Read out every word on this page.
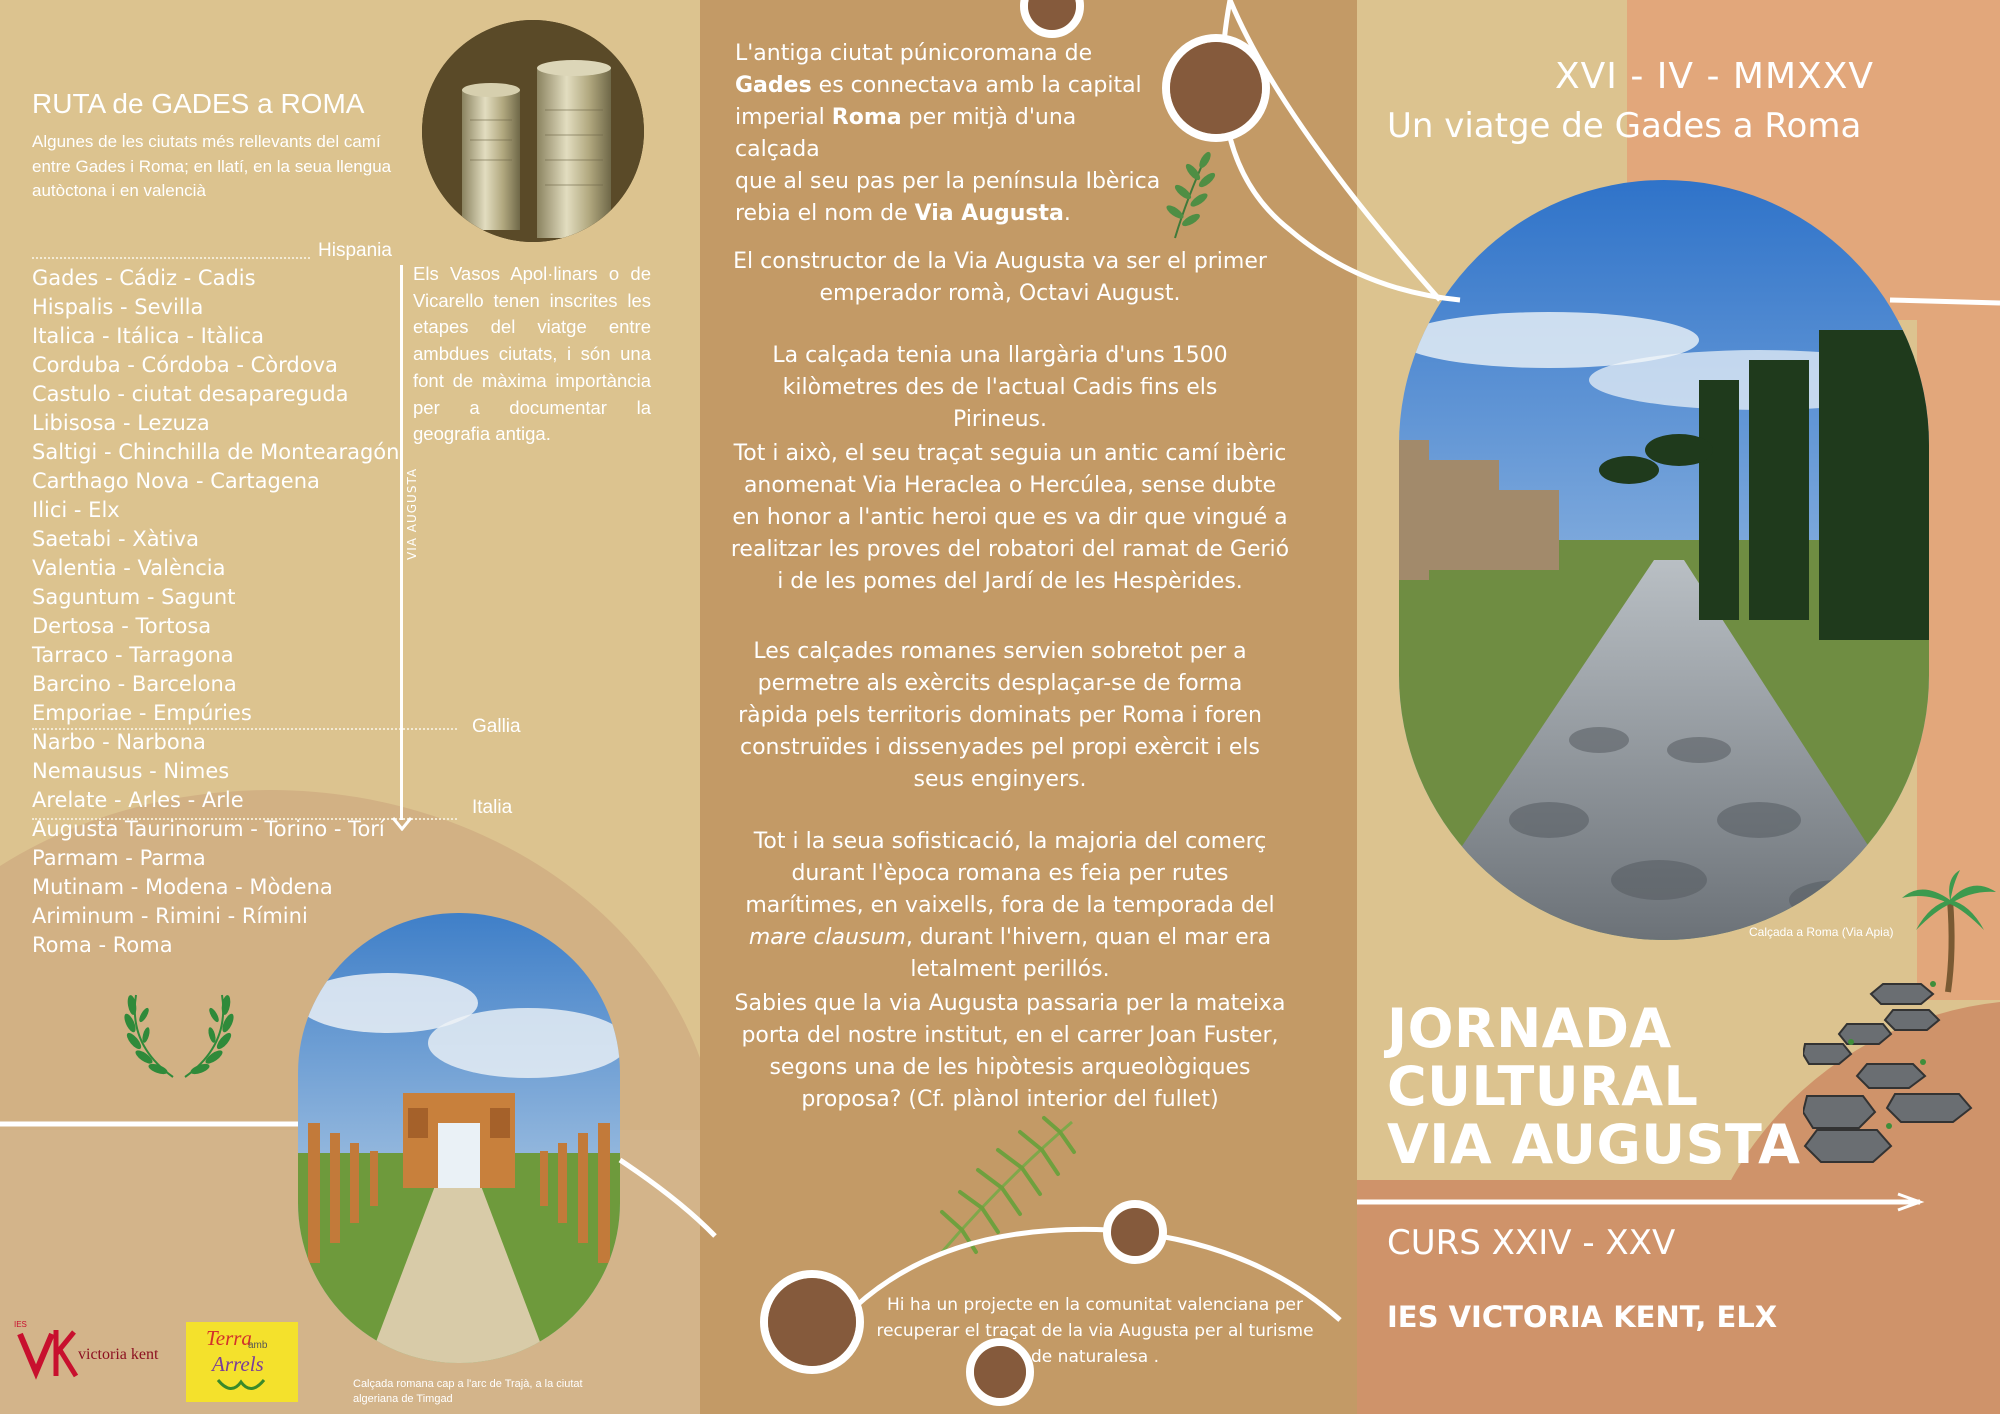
RUTA de GADES a ROMA
Algunes de les ciutats més rellevants del camí entre Gades i Roma; en llatí, en la seua llengua autòctona i en valencià
Hispania
Gallia
Italia
VIA AUGUSTA
Gades - Cádiz - Cadis
Hispalis - Sevilla
Italica - Itálica - Itàlica
Corduba - Córdoba - Còrdova
Castulo - ciutat desapareguda
Libisosa - Lezuza
Saltigi - Chinchilla de Montearagón
Carthago Nova - Cartagena
Ilici - Elx
Saetabi - Xàtiva
Valentia - València
Saguntum - Sagunt
Dertosa - Tortosa
Tarraco - Tarragona
Barcino - Barcelona
Emporiae - Empúries
Narbo - Narbona
Nemausus - Nimes
Arelate - Arles - Arle
Augusta Taurinorum - Torino - Torí
Parmam - Parma
Mutinam - Modena - Mòdena
Ariminum - Rimini - Rímini
Roma - Roma
Els Vasos Apol·linars o de Vicarello tenen inscrites les etapes del viatge entre ambdues ciutats, i són una font de màxima importància per a documentar la geografia antiga.
Calçada romana cap a l'arc de Trajà, a la ciutat algeriana de Timgad
IES
victoria kent
Terra
amb
Arrels
L'antiga ciutat púnicoromana de
Gades es connectava amb la capital
imperial Roma per mitjà d'una calçada
que al seu pas per la península Ibèrica
rebia el nom de Via Augusta.
El constructor de la Via Augusta va ser el primer emperador romà, Octavi August.
La calçada tenia una llargària d'uns 1500 kilòmetres des de l'actual Cadis fins els Pirineus.
Tot i això, el seu traçat seguia un antic camí ibèric anomenat Via Heraclea o Hercúlea, sense dubte en honor a l'antic heroi que es va dir que vingué a realitzar les proves del robatori del ramat de Gerió i de les pomes del Jardí de les Hespèrides.
Les calçades romanes servien sobretot per a permetre als exèrcits desplaçar-se de forma ràpida pels territoris dominats per Roma i foren construïdes i dissenyades pel propi exèrcit i els seus enginyers.
Tot i la seua sofisticació, la majoria del comerç durant l'època romana es feia per rutes marítimes, en vaixells, fora de la temporada del mare clausum, durant l'hivern, quan el mar era letalment perillós.
Sabies que la via Augusta passaria per la mateixa porta del nostre institut, en el carrer Joan Fuster, segons una de les hipòtesis arqueològiques proposa? (Cf. plànol interior del fullet)
Hi ha un projecte en la comunitat valenciana per recuperar el traçat de la via Augusta per al turisme de naturalesa .
XVI - IV - MMXXV
Un viatge de Gades a Roma
Calçada a Roma (Via Apia)
JORNADA
CULTURAL
VIA AUGUSTA
CURS XXIV - XXV
IES VICTORIA KENT, ELX
